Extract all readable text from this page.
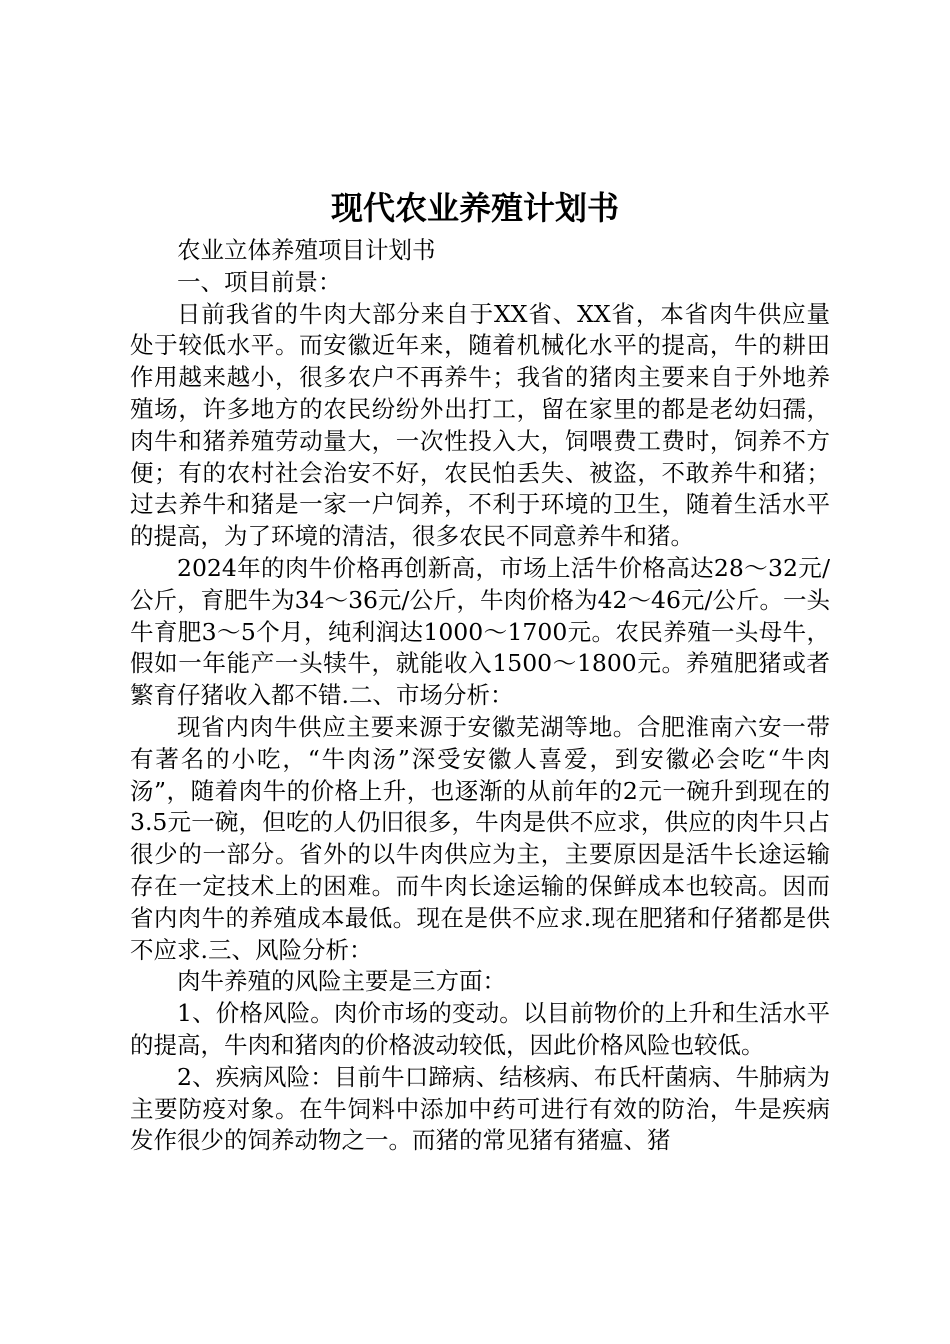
现代农业养殖计划书

农业立体养殖项目计划书

一、项目前景：

日前我省的牛肉大部分来自于XX省、XX省，本省肉牛供应量处于较低水平。而安徽近年来，随着机械化水平的提高，牛的耕田作用越来越小，很多农户不再养牛；我省的猪肉主要来自于外地养殖场，许多地方的农民纷纷外出打工，留在家里的都是老幼妇孺，肉牛和猪养殖劳动量大，一次性投入大，饲喂费工费时，饲养不方便；有的农村社会治安不好，农民怕丢失、被盗，不敢养牛和猪；过去养牛和猪是一家一户饲养，不利于环境的卫生，随着生活水平的提高，为了环境的清洁，很多农民不同意养牛和猪。

2024年的肉牛价格再创新高，市场上活牛价格高达28～32元/公斤，育肥牛为34～36元/公斤，牛肉价格为42～46元/公斤。一头牛育肥3～5个月，纯利润达1000～1700元。农民养殖一头母牛，假如一年能产一头犊牛，就能收入1500～1800元。养殖肥猪或者繁育仔猪收入都不错.二、市场分析：

现省内肉牛供应主要来源于安徽芜湖等地。合肥淮南六安一带有著名的小吃，“牛肉汤”深受安徽人喜爱，到安徽必会吃“牛肉汤”，随着肉牛的价格上升，也逐渐的从前年的2元一碗升到现在的3.5元一碗，但吃的人仍旧很多，牛肉是供不应求，供应的肉牛只占很少的一部分。省外的以牛肉供应为主，主要原因是活牛长途运输存在一定技术上的困难。而牛肉长途运输的保鲜成本也较高。因而省内肉牛的养殖成本最低。现在是供不应求.现在肥猪和仔猪都是供不应求.三、风险分析：

肉牛养殖的风险主要是三方面：

1、价格风险。肉价市场的变动。以目前物价的上升和生活水平的提高，牛肉和猪肉的价格波动较低，因此价格风险也较低。

2、疾病风险：目前牛口蹄病、结核病、布氏杆菌病、牛肺病为主要防疫对象。在牛饲料中添加中药可进行有效的防治，牛是疾病发作很少的饲养动物之一。而猪的常见猪有猪瘟、猪
